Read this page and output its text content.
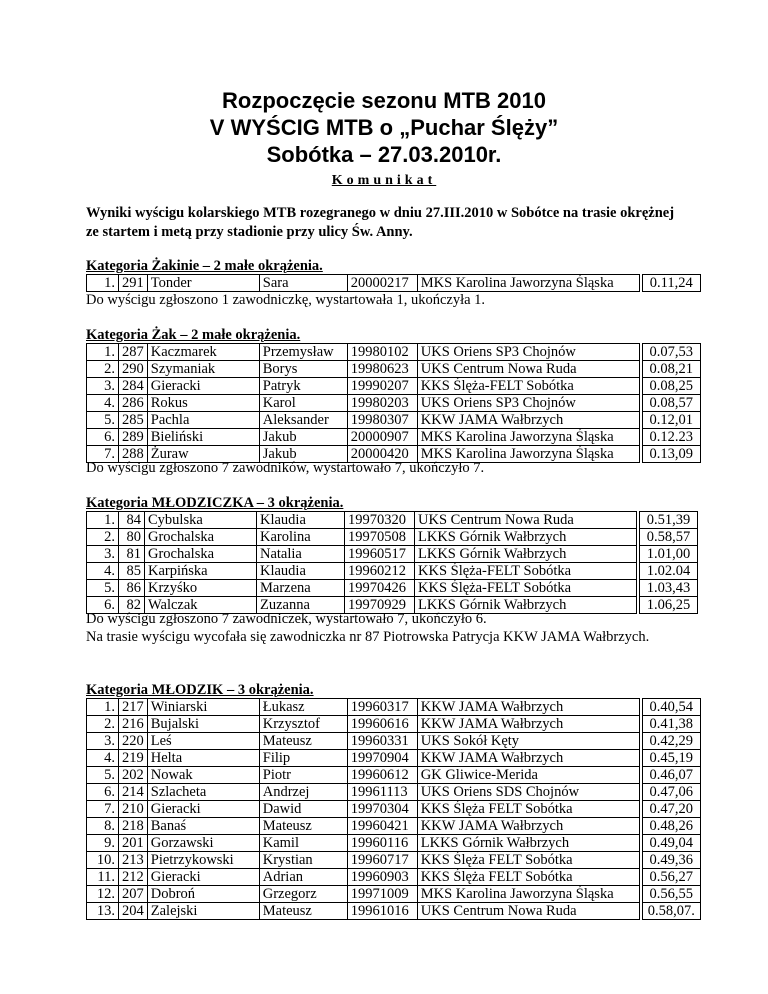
Rozpoczęcie sezonu MTB 2010
V WYŚCIG MTB o „Puchar Ślęży”
Sobótka – 27.03.2010r.
Komunikat
Wyniki wyścigu kolarskiego MTB rozegranego w dniu 27.III.2010 w Sobótce na trasie okrężnej ze startem i metą przy stadionie przy ulicy Św. Anny.
Kategoria Żakinie – 2 małe okrążenia.
1.	291	Tonder	Sara	20000217	MKS Karolina Jaworzyna Śląska		0.11,24
Do wyścigu zgłoszono 1 zawodniczkę, wystartowała 1, ukończyła 1.
Kategoria Żak – 2 małe okrążenia.
1.	287	Kaczmarek	Przemysław	19980102	UKS Oriens SP3 Chojnów		0.07,53
2.	290	Szymaniak	Borys	19980623	UKS Centrum Nowa Ruda		0.08,21
3.	284	Gieracki	Patryk	19990207	KKS Ślęża-FELT Sobótka		0.08,25
4.	286	Rokus	Karol	19980203	UKS Oriens SP3 Chojnów		0.08,57
5.	285	Pachla	Aleksander	19980307	KKW JAMA Wałbrzych		0.12,01
6.	289	Bieliński	Jakub	20000907	MKS Karolina Jaworzyna Śląska		0.12.23
7.	288	Żuraw	Jakub	20000420	MKS Karolina Jaworzyna Śląska		0.13,09
Do wyścigu zgłoszono 7 zawodników, wystartowało 7, ukończyło 7.
Kategoria MŁODZICZKA – 3 okrążenia.
1.	84	Cybulska	Klaudia	19970320	UKS Centrum Nowa Ruda		0.51,39
2.	80	Grochalska	Karolina	19970508	LKKS Górnik Wałbrzych		0.58,57
3.	81	Grochalska	Natalia	19960517	LKKS Górnik Wałbrzych		1.01,00
4.	85	Karpińska	Klaudia	19960212	KKS Ślęża-FELT Sobótka		1.02.04
5.	86	Krzyśko	Marzena	19970426	KKS Ślęża-FELT Sobótka		1.03,43
6.	82	Walczak	Zuzanna	19970929	LKKS Górnik Wałbrzych		1.06,25
Do wyścigu zgłoszono 7 zawodniczek, wystartowało 7, ukończyło 6.
Na trasie wyścigu wycofała się zawodniczka nr 87 Piotrowska Patrycja KKW JAMA Wałbrzych.
Kategoria MŁODZIK – 3 okrążenia.
1.	217	Winiarski	Łukasz	19960317	KKW JAMA Wałbrzych		0.40,54
2.	216	Bujalski	Krzysztof	19960616	KKW JAMA Wałbrzych		0.41,38
3.	220	Leś	Mateusz	19960331	UKS Sokół Kęty		0.42,29
4.	219	Helta	Filip	19970904	KKW JAMA Wałbrzych		0.45,19
5.	202	Nowak	Piotr	19960612	GK Gliwice-Merida		0.46,07
6.	214	Szlacheta	Andrzej	19961113	UKS Oriens SDS Chojnów		0.47,06
7.	210	Gieracki	Dawid	19970304	KKS Ślęża FELT Sobótka		0.47,20
8.	218	Banaś	Mateusz	19960421	KKW JAMA Wałbrzych		0.48,26
9.	201	Gorzawski	Kamil	19960116	LKKS Górnik Wałbrzych		0.49,04
10.	213	Pietrzykowski	Krystian	19960717	KKS Ślęża FELT Sobótka		0.49,36
11.	212	Gieracki	Adrian	19960903	KKS Ślęża FELT Sobótka		0.56,27
12.	207	Dobroń	Grzegorz	19971009	MKS Karolina Jaworzyna Śląska		0.56,55
13.	204	Zalejski	Mateusz	19961016	UKS Centrum Nowa Ruda		0.58,07.
